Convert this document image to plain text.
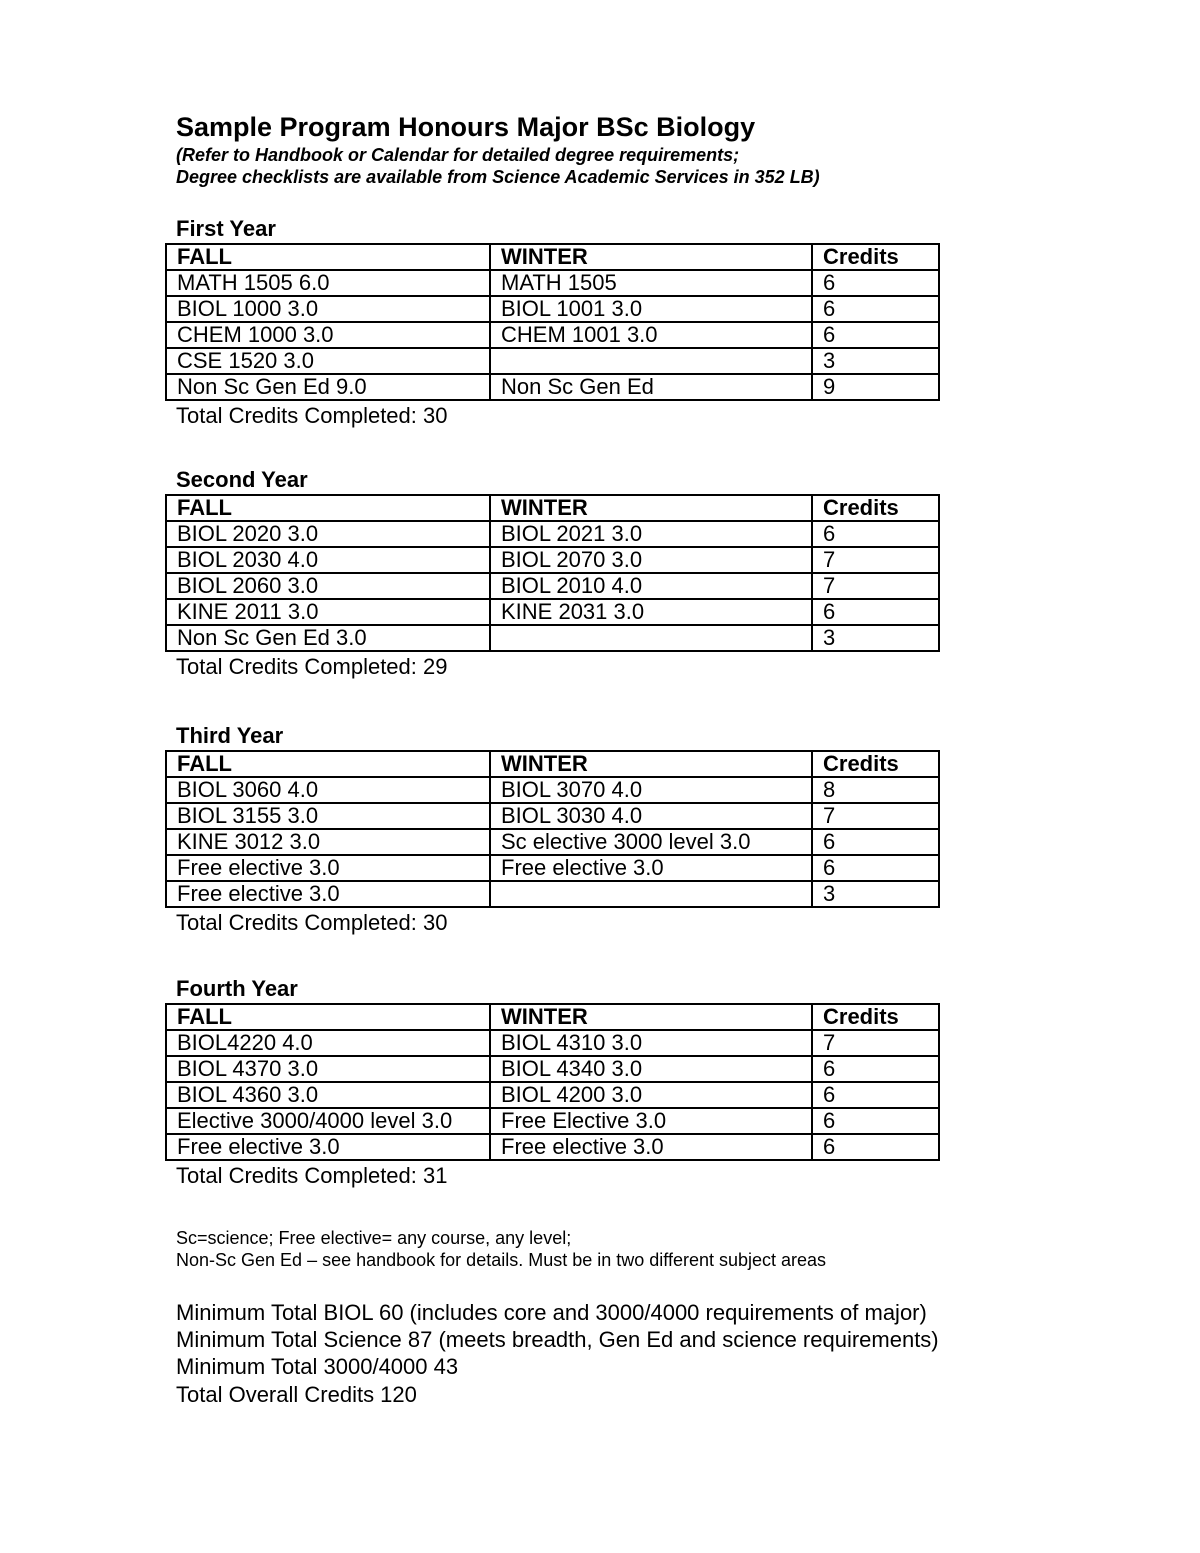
Sample Program Honours Major BSc Biology
(Refer to Handbook or Calendar for detailed degree requirements;
Degree checklists are available from Science Academic Services in 352 LB)
First Year
FALL	WINTER	Credits
MATH 1505 6.0	MATH 1505	6
BIOL 1000 3.0	BIOL 1001 3.0	6
CHEM 1000 3.0	CHEM 1001 3.0	6
CSE 1520 3.0		3
Non Sc Gen Ed 9.0	Non Sc Gen Ed	9
Total Credits Completed: 30
Second Year
FALL	WINTER	Credits
BIOL 2020 3.0	BIOL 2021 3.0	6
BIOL 2030 4.0	BIOL 2070 3.0	7
BIOL 2060 3.0	BIOL 2010 4.0	7
KINE 2011 3.0	KINE 2031 3.0	6
Non Sc Gen Ed 3.0		3
Total Credits Completed: 29
Third Year
FALL	WINTER	Credits
BIOL 3060 4.0	BIOL 3070 4.0	8
BIOL 3155 3.0	BIOL 3030 4.0	7
KINE 3012 3.0	Sc elective 3000 level 3.0	6
Free elective 3.0	Free elective 3.0	6
Free elective 3.0		3
Total Credits Completed: 30
Fourth Year
FALL	WINTER	Credits
BIOL4220 4.0	BIOL 4310 3.0	7
BIOL 4370 3.0	BIOL 4340 3.0	6
BIOL 4360 3.0	BIOL 4200 3.0	6
Elective 3000/4000 level 3.0	Free Elective 3.0	6
Free elective 3.0	Free elective 3.0	6
Total Credits Completed: 31
Sc=science; Free elective= any course, any level;
Non-Sc Gen Ed – see handbook for details. Must be in two different subject areas
Minimum Total BIOL 60 (includes core and 3000/4000 requirements of major)
Minimum Total Science 87 (meets breadth, Gen Ed and science requirements)
Minimum Total 3000/4000 43
Total Overall Credits 120
